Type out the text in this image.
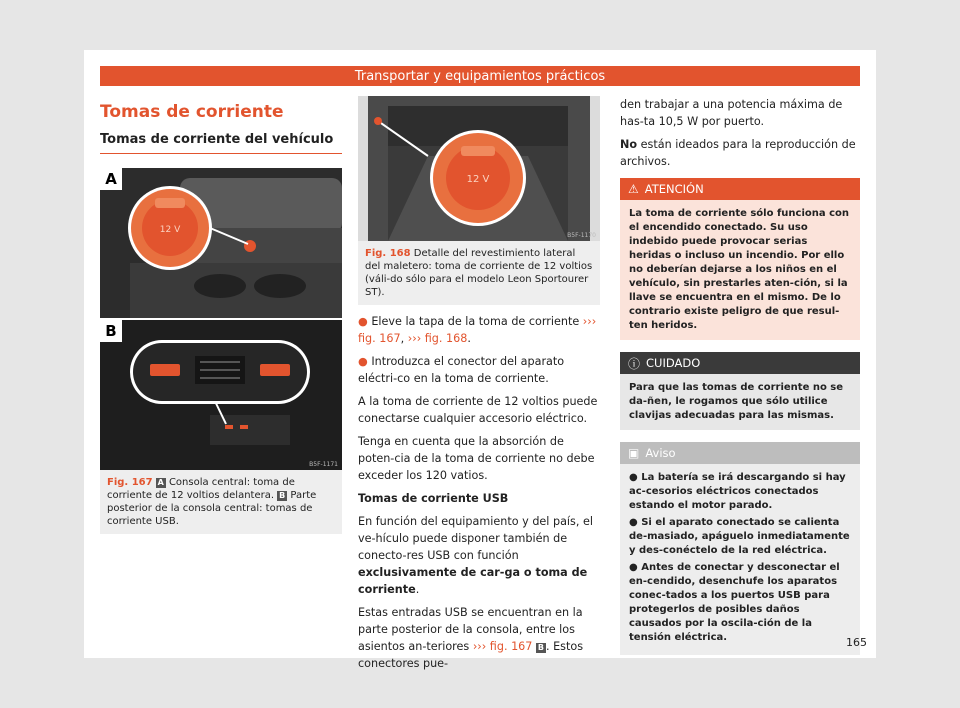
Transportar y equipamientos prácticos
Tomas de corriente
Tomas de corriente del vehículo
12 V
A
B
B5F-1171
Fig. 167 A Consola central: toma de corriente de 12 voltios delantera. B Parte posterior de la consola central: tomas de corriente USB.
12 V
B5F-1170
Fig. 168 Detalle del revestimiento lateral del maletero: toma de corriente de 12 voltios (váli-do sólo para el modelo Leon Sportourer ST).

● Eleve la tapa de la toma de corriente ››› fig. 167, ››› fig. 168.

● Introduzca el conector del aparato eléctri-co en la toma de corriente.

A la toma de corriente de 12 voltios puede conectarse cualquier accesorio eléctrico.

Tenga en cuenta que la absorción de poten-cia de la toma de corriente no debe exceder los 120 vatios.

Tomas de corriente USB

En función del equipamiento y del país, el ve-hículo puede disponer también de conecto-res USB con función exclusivamente de car-ga o toma de corriente.

Estas entradas USB se encuentran en la parte posterior de la consola, entre los asientos an-teriores ››› fig. 167 B . Estos conectores pue-

den trabajar a una potencia máxima de has-ta 10,5 W por puerto.

No están ideados para la reproducción de archivos.

⚠ ATENCIÓN
La toma de corriente sólo funciona con el encendido conectado. Su uso indebido puede provocar serias heridas o incluso un incendio. Por ello no deberían dejarse a los niños en el vehículo, sin prestarles aten-ción, si la llave se encuentra en el mismo. De lo contrario existe peligro de que resul-ten heridos.
ⓘ CUIDADO
Para que las tomas de corriente no se da-ñen, le rogamos que sólo utilice clavijas adecuadas para las mismas.
▣ Aviso
● La batería se irá descargando si hay ac-cesorios eléctricos conectados estando el motor parado.
● Si el aparato conectado se calienta de-masiado, apáguelo inmediatamente y des-conéctelo de la red eléctrica.
● Antes de conectar y desconectar el en-cendido, desenchufe los aparatos conec-tados a los puertos USB para protegerlos de posibles daños causados por la oscila-ción de la tensión eléctrica.	165
